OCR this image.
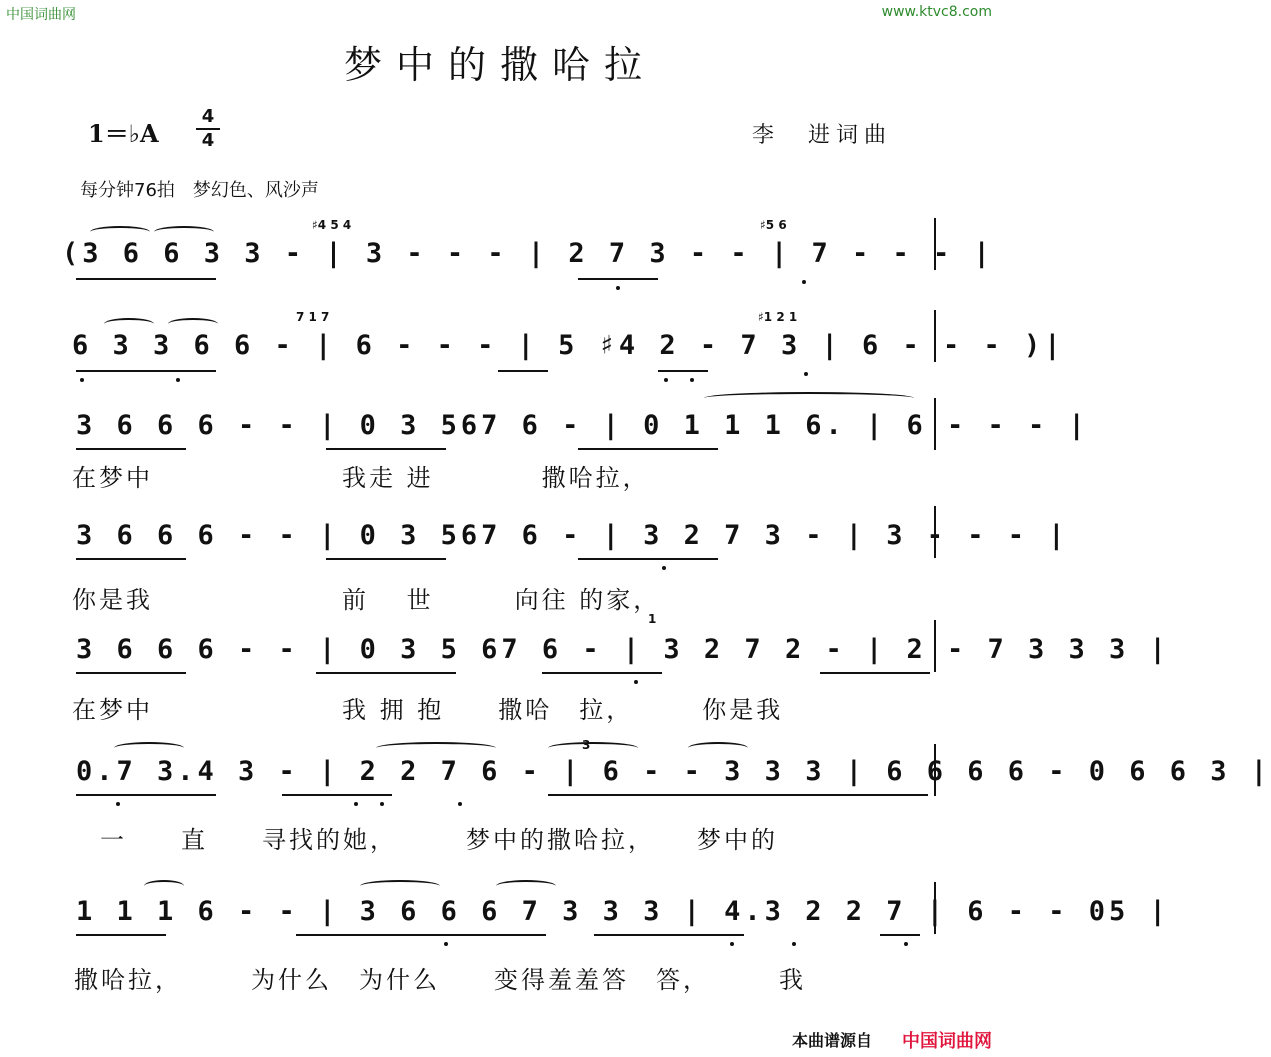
中国词曲网	www.ktvc8.com
梦中的撒哈拉
1＝♭A $\frac{4}{4}$	李　进词曲
每分钟76拍　梦幻色、风沙声
♯4 5 4	♯5 6
(3 6 6 3 3 - | 3 - - - | 2 7 3 - - | 7 - - - |
7 1 7	♯1 2 1
6 3 3 6 6 - | 6 - - - | 5 ♯4 2 - 7 3 | 6 - - - )|
3 6 6 6 - - | 0 3 567 6 - | 0 1 1 1 6. | 6 - - - |
在梦中　　　　　　　我走 进　　　　撒哈拉，
3 6 6 6 - - | 0 3 567 6 - | 3 2 7 3 - | 3 - - - |
你是我　　　　　　　前　 世　　　向往 的家，
1
3 6 6 6 - - | 0 3 5 67 6 - | 3 2 7 2 - | 2 - 7 3 3 3 |
在梦中　　　　　　　我 拥 抱　　撒哈　拉，　　　你是我
3
0.7 3.4 3 - | 2 2 7 6 - | 6 - - 3 3 3 | 6 6 6 6 - 0 6 6 3 |
一　　直　　寻找的她，　　　梦中的撒哈拉，　　梦中的
1 1 1 6 - - | 3 6 6 6 7 3 3 3 | 4.3 2 2 7 | 6 - - 05 |
撒哈拉，　　　为什么　为什么　　变得羞羞答　答，　　　我
本曲谱源自 中国词曲网
